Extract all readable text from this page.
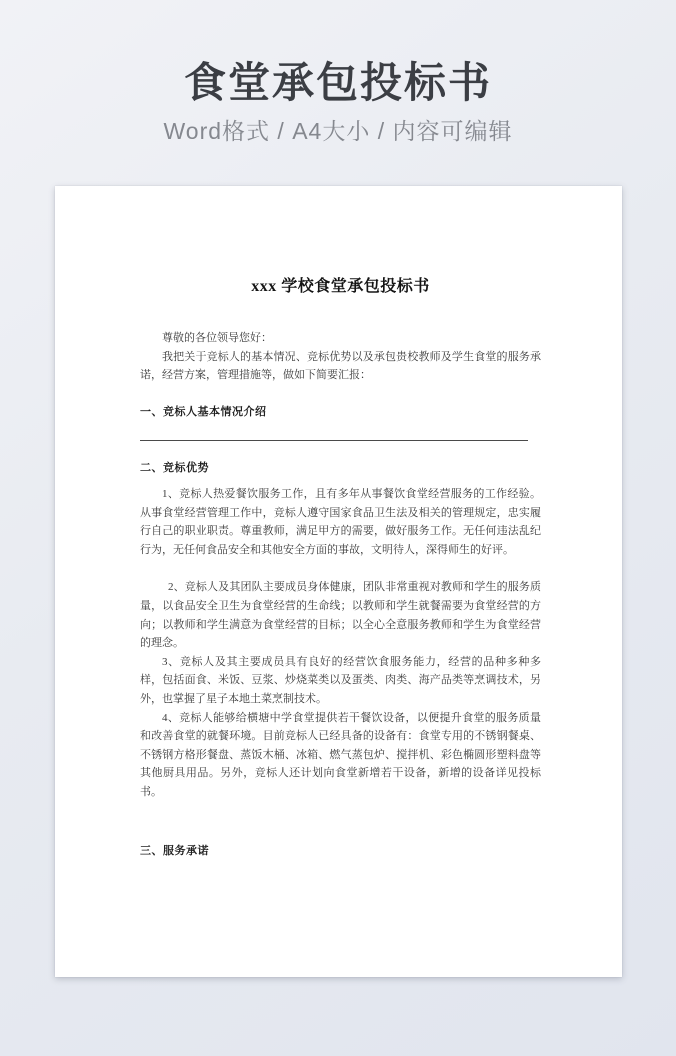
食堂承包投标书
Word格式 / A4大小 / 内容可编辑
xxx 学校食堂承包投标书

尊敬的各位领导您好：

我把关于竞标人的基本情况、竞标优势以及承包贵校教师及学生食堂的服务承诺，经营方案，管理措施等，做如下简要汇报：

一、竞标人基本情况介绍
二、竞标优势

1、竞标人热爱餐饮服务工作，且有多年从事餐饮食堂经营服务的工作经验。从事食堂经营管理工作中，竞标人遵守国家食品卫生法及相关的管理规定，忠实履行自己的职业职责。尊重教师，满足甲方的需要，做好服务工作。无任何违法乱纪行为，无任何食品安全和其他安全方面的事故，文明待人，深得师生的好评。

2、竞标人及其团队主要成员身体健康，团队非常重视对教师和学生的服务质量，以食品安全卫生为食堂经营的生命线；以教师和学生就餐需要为食堂经营的方向；以教师和学生满意为食堂经营的目标；以全心全意服务教师和学生为食堂经营的理念。

3、竞标人及其主要成员具有良好的经营饮食服务能力，经营的品种多种多样，包括面食、米饭、豆浆、炒烧菜类以及蛋类、肉类、海产品类等烹调技术，另外，也掌握了星子本地土菜烹制技术。

4、竞标人能够给横塘中学食堂提供若干餐饮设备，以便提升食堂的服务质量和改善食堂的就餐环境。目前竞标人已经具备的设备有：食堂专用的不锈钢餐桌、不锈钢方格形餐盘、蒸饭木桶、冰箱、燃气蒸包炉、搅拌机、彩色椭圆形塑料盘等其他厨具用品。另外，竞标人还计划向食堂新增若干设备，新增的设备详见投标书。

三、服务承诺
